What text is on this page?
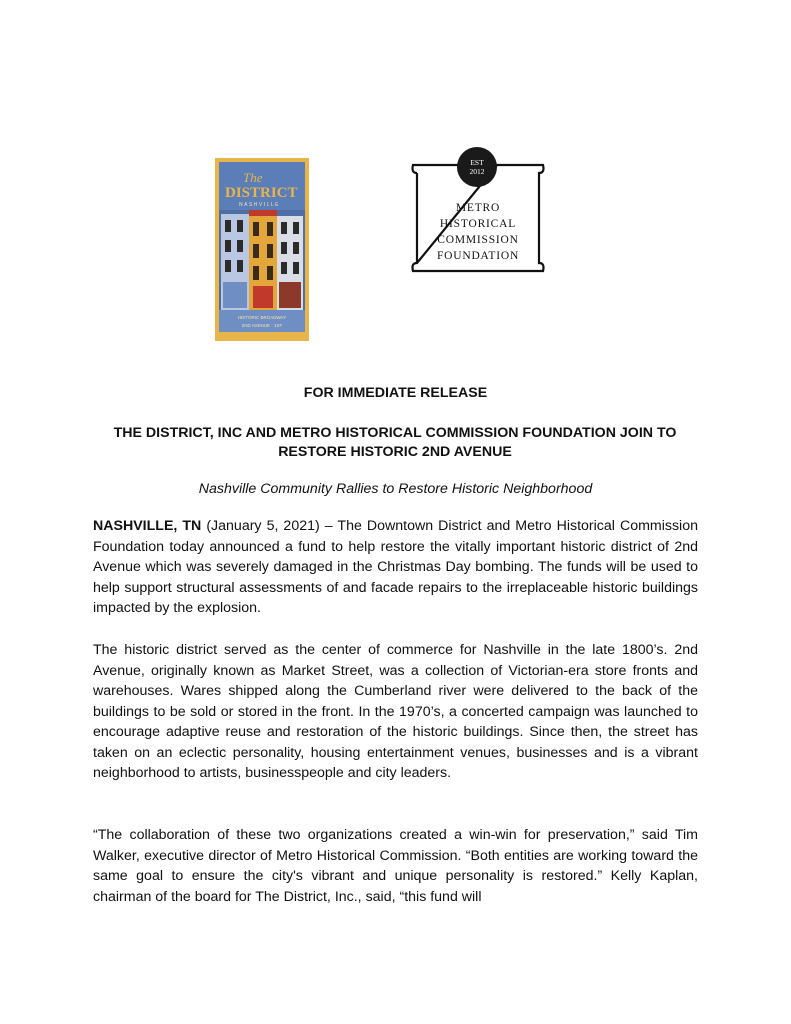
The
DISTRICT
NASHVILLE
HISTORIC BROADWAY
2ND AVENUE · 1ST
EST
2012
METRO
HISTORICAL
COMMISSION
FOUNDATION
FOR IMMEDIATE RELEASE
THE DISTRICT, INC AND METRO HISTORICAL COMMISSION FOUNDATION JOIN TO RESTORE HISTORIC 2ND AVENUE
Nashville Community Rallies to Restore Historic Neighborhood
NASHVILLE, TN (January 5, 2021) – The Downtown District and Metro Historical Commission Foundation today announced a fund to help restore the vitally important historic district of 2nd Avenue which was severely damaged in the Christmas Day bombing. The funds will be used to help support structural assessments of and facade repairs to the irreplaceable historic buildings impacted by the explosion.
The historic district served as the center of commerce for Nashville in the late 1800’s. 2nd Avenue, originally known as Market Street, was a collection of Victorian-era store fronts and warehouses. Wares shipped along the Cumberland river were delivered to the back of the buildings to be sold or stored in the front. In the 1970’s, a concerted campaign was launched to encourage adaptive reuse and restoration of the historic buildings. Since then, the street has taken on an eclectic personality, housing entertainment venues, businesses and is a vibrant neighborhood to artists, businesspeople and city leaders.
“The collaboration of these two organizations created a win-win for preservation,” said Tim Walker, executive director of Metro Historical Commission. “Both entities are working toward the same goal to ensure the city's vibrant and unique personality is restored.” Kelly Kaplan, chairman of the board for The District, Inc., said, “this fund will
